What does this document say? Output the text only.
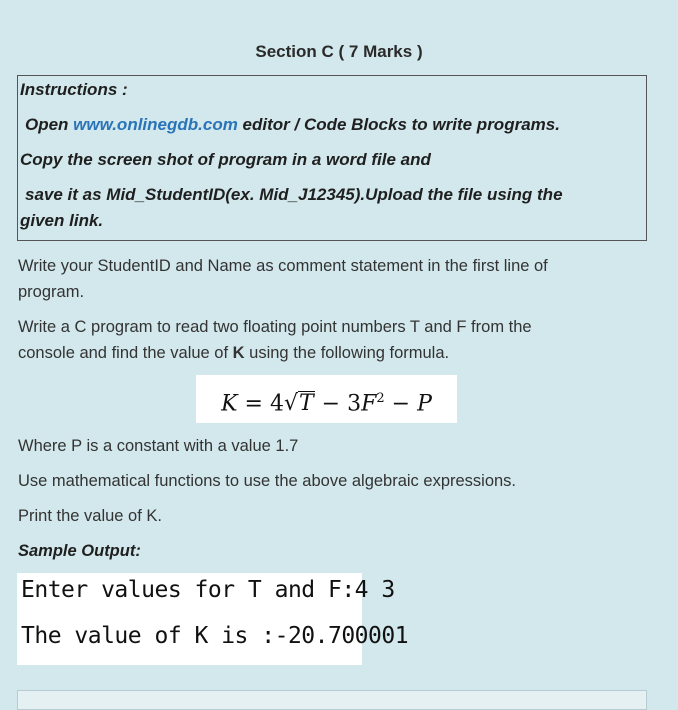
Section C ( 7 Marks )
Instructions :
Open www.onlinegdb.com editor / Code Blocks to write programs.
Copy the screen shot of program in a word file and
save it as Mid_StudentID(ex. Mid_J12345).Upload the file using the
given link.
Write your StudentID and Name as comment statement in the first line of
program.
Write a C program to read two floating point numbers T and F from the
console and find the value of K using the following formula.
$K = 4√T - 3F^2 - P$
Where P is a constant with a value 1.7
Use mathematical functions to use the above algebraic expressions.
Print the value of K.
Sample Output:
Enter values for T and F:4 3
The value of K is :-20.700001
